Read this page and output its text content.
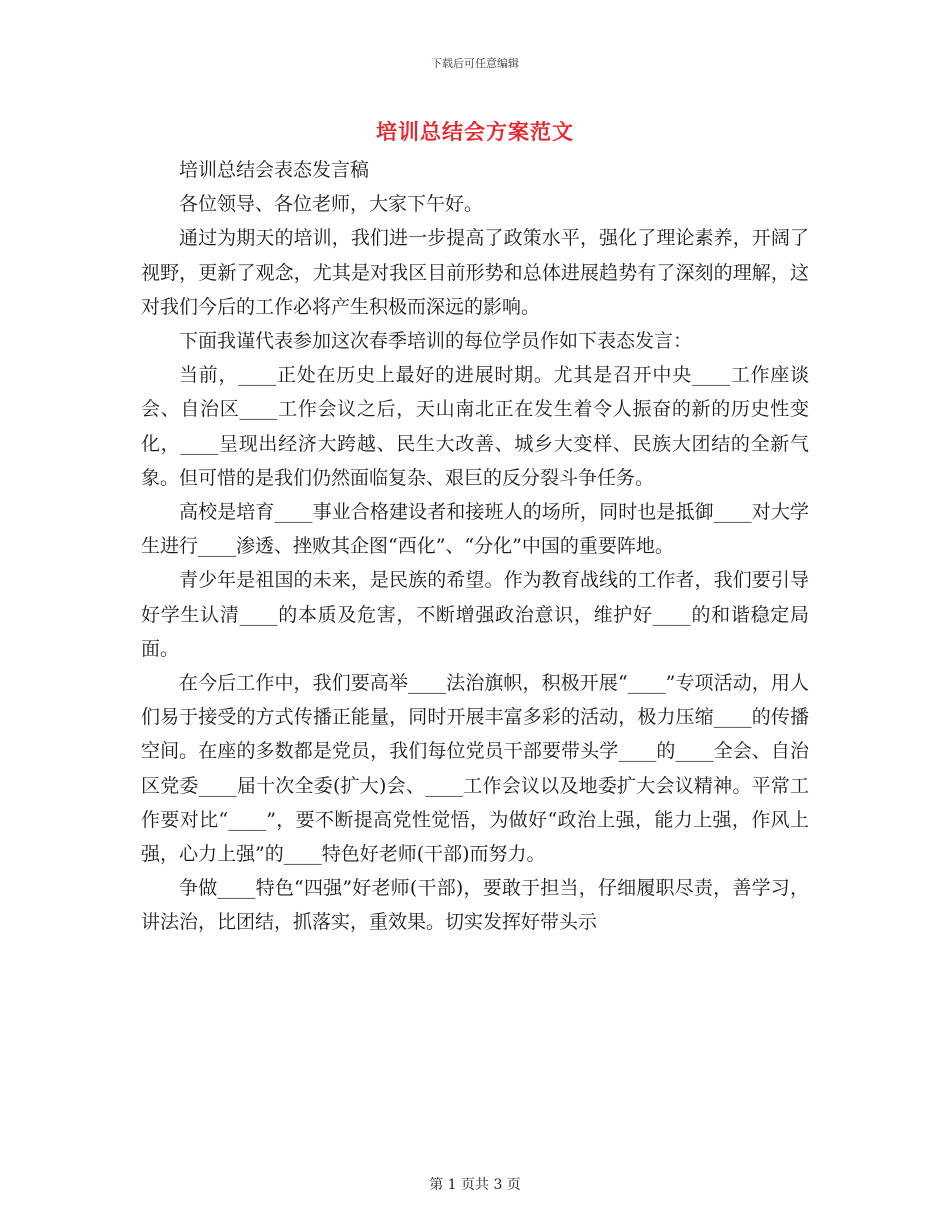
下载后可任意编辑
培训总结会方案范文

培训总结会表态发言稿

各位领导、各位老师，大家下午好。

通过为期天的培训，我们进一步提高了政策水平，强化了理论素养，开阔了视野，更新了观念，尤其是对我区目前形势和总体进展趋势有了深刻的理解，这对我们今后的工作必将产生积极而深远的影响。

下面我谨代表参加这次春季培训的每位学员作如下表态发言：

当前，____正处在历史上最好的进展时期。尤其是召开中央____工作座谈会、自治区____工作会议之后，天山南北正在发生着令人振奋的新的历史性变化，____呈现出经济大跨越、民生大改善、城乡大变样、民族大团结的全新气象。但可惜的是我们仍然面临复杂、艰巨的反分裂斗争任务。

高校是培育____事业合格建设者和接班人的场所，同时也是抵御____对大学生进行____渗透、挫败其企图“西化”、“分化”中国的重要阵地。

青少年是祖国的未来，是民族的希望。作为教育战线的工作者，我们要引导好学生认清____的本质及危害，不断增强政治意识，维护好____的和谐稳定局面。

在今后工作中，我们要高举____法治旗帜，积极开展“____”专项活动，用人们易于接受的方式传播正能量，同时开展丰富多彩的活动，极力压缩____的传播空间。在座的多数都是党员，我们每位党员干部要带头学____的____全会、自治区党委____届十次全委(扩大)会、____工作会议以及地委扩大会议精神。平常工作要对比“____”，要不断提高党性觉悟，为做好“政治上强，能力上强，作风上强，心力上强”的____特色好老师(干部)而努力。

争做____特色“四强”好老师(干部)，要敢于担当，仔细履职尽责，善学习，讲法治，比团结，抓落实，重效果。切实发挥好带头示

第 1 页共 3 页
